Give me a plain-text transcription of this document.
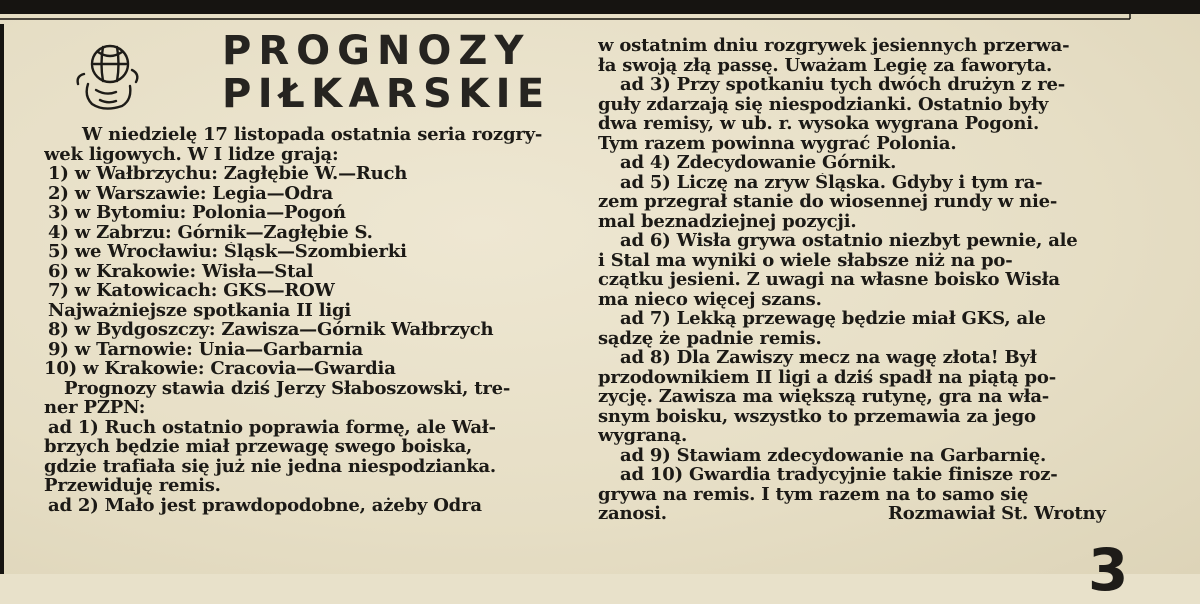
PROGNOZY
PIŁKARSKIE
W niedzielę 17 listopada ostatnia seria rozgry-
wek ligowych. W I lidze grają:
1) w Wałbrzychu: Zagłębie W.—Ruch
2) w Warszawie: Legia—Odra
3) w Bytomiu: Polonia—Pogoń
4) w Zabrzu: Górnik—Zagłębie S.
5) we Wrocławiu: Śląsk—Szombierki
6) w Krakowie: Wisła—Stal
7) w Katowicach: GKS—ROW
Najważniejsze spotkania II ligi
8) w Bydgoszczy: Zawisza—Górnik Wałbrzych
9) w Tarnowie: Unia—Garbarnia
10) w Krakowie: Cracovia—Gwardia
Prognozy stawia dziś Jerzy Słaboszowski, tre-
ner PZPN:
ad 1) Ruch ostatnio poprawia formę, ale Wał-
brzych będzie miał przewagę swego boiska,
gdzie trafiała się już nie jedna niespodzianka.
Przewiduję remis.
ad 2) Mało jest prawdopodobne, ażeby Odra
w ostatnim dniu rozgrywek jesiennych przerwa-
ła swoją złą passę. Uważam Legię za faworyta.
ad 3) Przy spotkaniu tych dwóch drużyn z re-
guły zdarzają się niespodzianki. Ostatnio były
dwa remisy, w ub. r. wysoka wygrana Pogoni.
Tym razem powinna wygrać Polonia.
ad 4) Zdecydowanie Górnik.
ad 5) Liczę na zryw Śląska. Gdyby i tym ra-
zem przegrał stanie do wiosennej rundy w nie-
mal beznadziejnej pozycji.
ad 6) Wisła grywa ostatnio niezbyt pewnie, ale
i Stal ma wyniki o wiele słabsze niż na po-
czątku jesieni. Z uwagi na własne boisko Wisła
ma nieco więcej szans.
ad 7) Lekką przewagę będzie miał GKS, ale
sądzę że padnie remis.
ad 8) Dla Zawiszy mecz na wagę złota! Był
przodownikiem II ligi a dziś spadł na piątą po-
zycję. Zawisza ma większą rutynę, gra na wła-
snym boisku, wszystko to przemawia za jego
wygraną.
ad 9) Stawiam zdecydowanie na Garbarnię.
ad 10) Gwardia tradycyjnie takie finisze roz-
grywa na remis. I tym razem na to samo się
zanosi.	Rozmawiał St. Wrotny
3
